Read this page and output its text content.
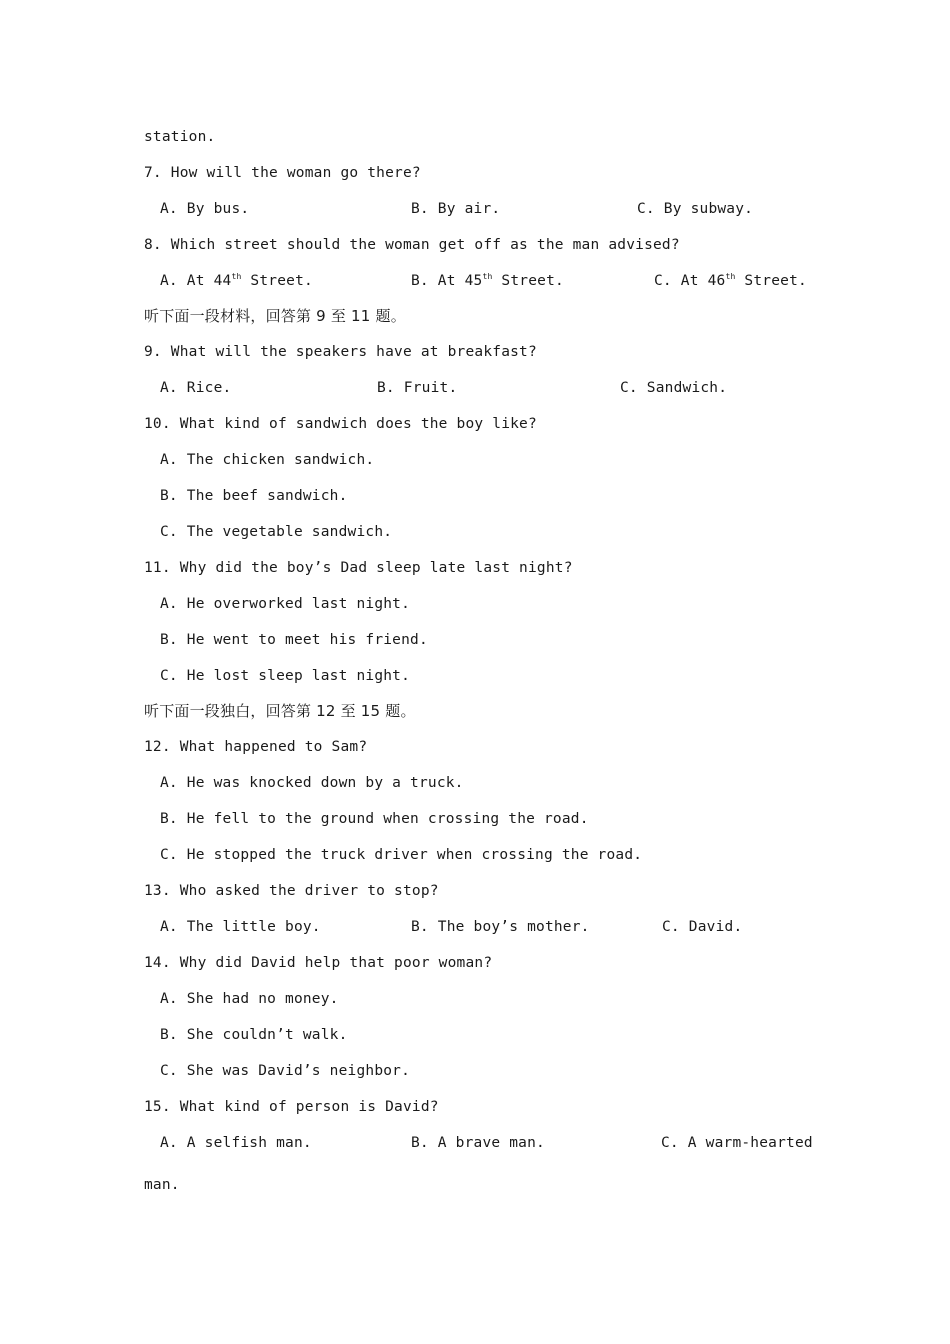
station.
7. How will the woman go there?
A. By bus.	B. By air.	C. By subway.
8. Which street should the woman get off as the man advised?
A. At 44th Street.	B. At 45th Street.	C. At 46th Street.
听下面一段材料，回答第 9 至 11 题。
9. What will the speakers have at breakfast?
A. Rice.	B. Fruit.	C. Sandwich.
10. What kind of sandwich does the boy like?
A. The chicken sandwich.
B. The beef sandwich.
C. The vegetable sandwich.
11. Why did the boy’s Dad sleep late last night?
A. He overworked last night.
B. He went to meet his friend.
C. He lost sleep last night.
听下面一段独白，回答第 12 至 15 题。
12. What happened to Sam?
A. He was knocked down by a truck.
B. He fell to the ground when crossing the road.
C. He stopped the truck driver when crossing the road.
13. Who asked the driver to stop?
A. The little boy.	B. The boy’s mother.	C. David.
14. Why did David help that poor woman?
A. She had no money.
B. She couldn’t walk.
C. She was David’s neighbor.
15. What kind of person is David?
A. A selfish man.	B. A brave man.	C. A warm-hearted
man.
